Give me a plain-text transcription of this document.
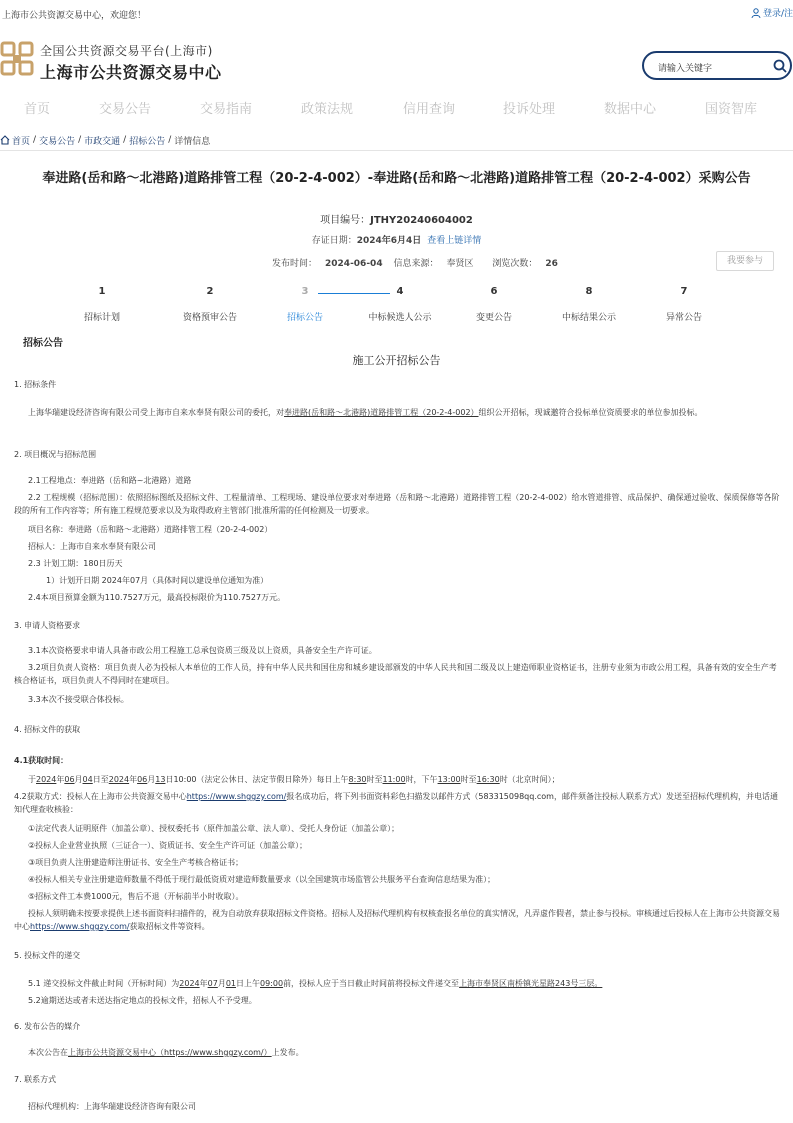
上海市公共资源交易中心，欢迎您！	登录/注
全国公共资源交易平台(上海市)
上海市公共资源交易中心	请输入关键字
首页	交易公告	交易指南	政策法规	信用查询	投诉处理	数据中心	国资智库
首页 / 交易公告 / 市政交通 / 招标公告 / 详情信息
奉进路(岳和路～北港路)道路排管工程（20-2-4-002）-奉进路(岳和路～北港路)道路排管工程（20-2-4-002）采购公告
项目编号：JTHY20240604002
存证日期：2024年6月4日 查看上链详情
发布时间： 2024-06-04 信息来源： 奉贤区 浏览次数： 26	我要参与
1
招标计划
2
资格预审公告
3
招标公告
4
中标候选人公示
6
变更公告
8
中标结果公示
7
异常公告
招标公告
施工公开招标公告

1. 招标条件

上海华瑞建设经济咨询有限公司受上海市自来水奉贤有限公司的委托，对奉进路(岳和路～北港路)道路排管工程（20-2-4-002）组织公开招标，现诚邀符合投标单位资质要求的单位参加投标。

2. 项目概况与招标范围

2.1工程地点：奉进路（岳和路~北港路）道路

2.2 工程规模（招标范围）：依照招标图纸及招标文件、工程量清单、工程现场、建设单位要求对奉进路（岳和路～北港路）道路排管工程（20-2-4-002）给水管道排管、成品保护、确保通过验收、保质保修等各阶段的所有工作内容等；所有施工程规范要求以及为取得政府主管部门批准所需的任何检测及一切要求。

项目名称：奉进路（岳和路～北港路）道路排管工程（20-2-4-002）

招标人：上海市自来水奉贤有限公司

2.3 计划工期：180日历天

1）计划开日期 2024年07月（具体时间以建设单位通知为准）

2.4本项目预算金额为110.7527万元，最高投标限价为110.7527万元。

3. 申请人资格要求

3.1本次资格要求申请人具备市政公用工程施工总承包资质三级及以上资质，具备安全生产许可证。

3.2项目负责人资格：项目负责人必为投标人本单位的工作人员，持有中华人民共和国住房和城乡建设部颁发的中华人民共和国二级及以上建造师职业资格证书，注册专业须为市政公用工程，具备有效的安全生产考核合格证书，项目负责人不得同时在建项目。

3.3本次不接受联合体投标。

4. 招标文件的获取

4.1获取时间：

于2024年06月04日至2024年06月13日10:00（法定公休日、法定节假日除外）每日上午8:30时至11:00时，下午13:00时至16:30时（北京时间）；

4.2获取方式：投标人在上海市公共资源交易中心https://www.shggzy.com/报名成功后，将下列书面资料彩色扫描发以邮件方式（583315098qq.com，邮件须备注投标人联系方式）发送至招标代理机构，并电话通知代理查收核验：

①法定代表人证明原件（加盖公章）、授权委托书（原件加盖公章、法人章）、受托人身份证（加盖公章）；

②投标人企业营业执照（三证合一）、资质证书、安全生产许可证（加盖公章）；

③项目负责人注册建造师注册证书、安全生产考核合格证书；

④投标人相关专业注册建造师数量不得低于现行最低资质对建造师数量要求（以全国建筑市场监管公共服务平台查询信息结果为准）；

⑤招标文件工本费1000元，售后不退（开标前半小时收取）。

投标人须明确未按要求提供上述书面资料扫描件的，视为自动放弃获取招标文件资格。招标人及招标代理机构有权核查报名单位的真实情况，凡弄虚作假者，禁止参与投标。审核通过后投标人在上海市公共资源交易中心https://www.shggzy.com/获取招标文件等资料。

5. 投标文件的递交

5.1 递交投标文件截止时间（开标时间）为2024年07月01日上午09:00前，投标人应于当日截止时间前将投标文件递交至上海市奉贤区南桥镇光星路243号三层。

5.2逾期送达或者未送达指定地点的投标文件，招标人不予受理。

6. 发布公告的媒介

本次公告在上海市公共资源交易中心（https://www.shggzy.com/）上发布。

7. 联系方式

招标代理机构：上海华瑞建设经济咨询有限公司
